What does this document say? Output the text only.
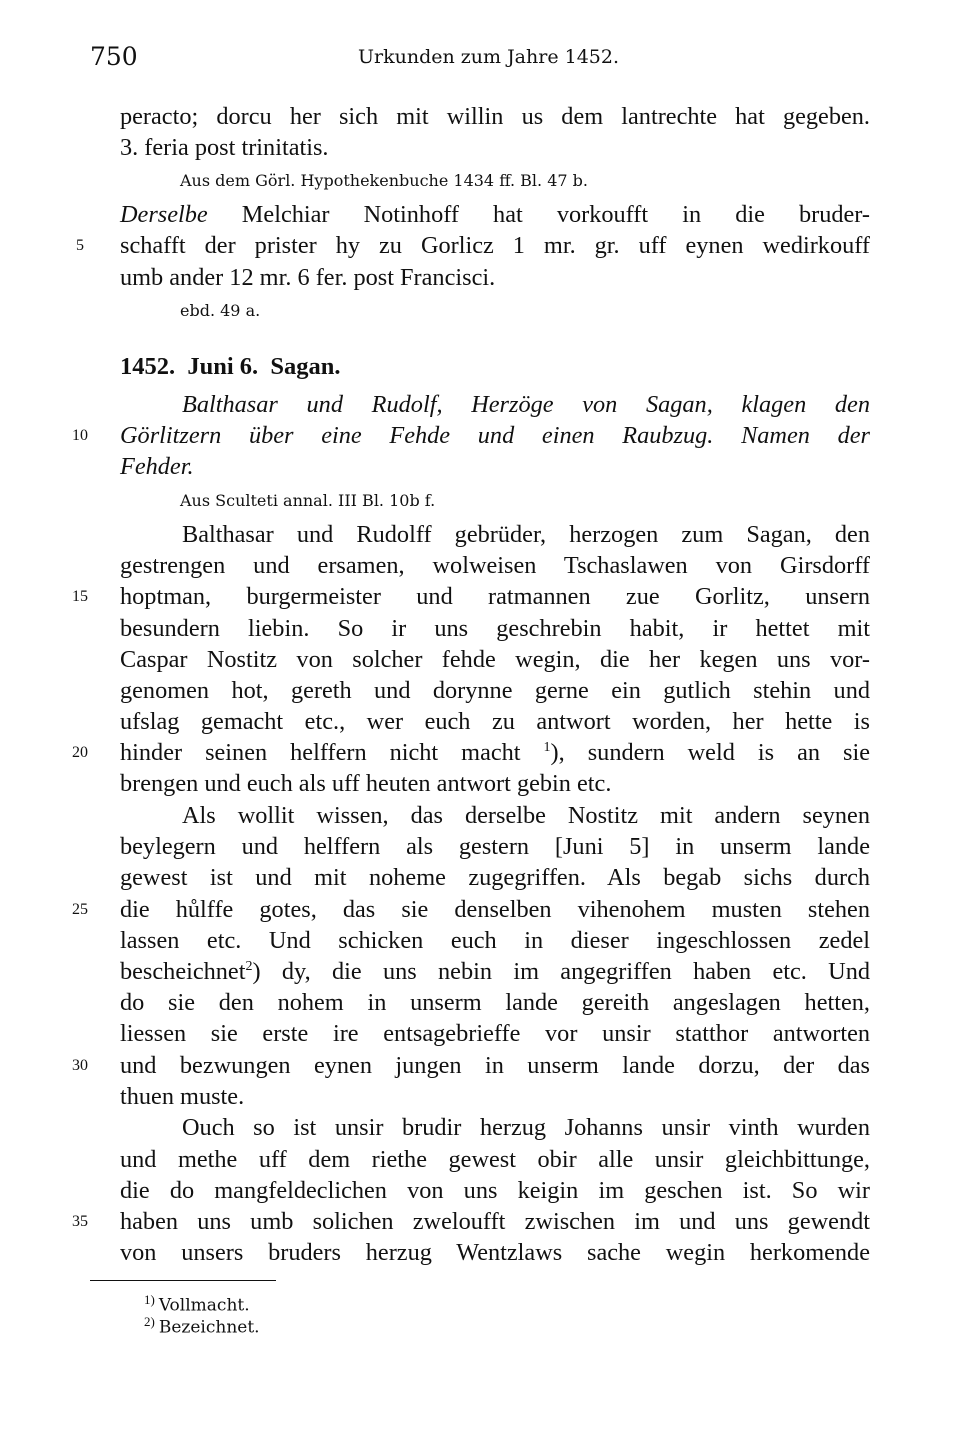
750	Urkunden zum Jahre 1452.
peracto; dorcu her sich mit willin us dem lantrechte hat gegeben.
3. feria post trinitatis.
Aus dem Görl. Hypothekenbuche 1434 ff. Bl. 47 b.
Derselbe Melchiar Notinhoff hat vorkoufft in die bruder-
schafft der prister hy zu Gorlicz 1 mr. gr. uff eynen wedirkouff
umb ander 12 mr. 6 fer. post Francisci.
ebd. 49 a.
1452.  Juni 6.  Sagan.
Balthasar und Rudolf, Herzöge von Sagan, klagen den
Görlitzern über eine Fehde und einen Raubzug. Namen der
Fehder.
Aus Sculteti annal. III Bl. 10b f.
Balthasar und Rudolff gebrüder, herzogen zum Sagan, den
gestrengen und ersamen, wolweisen Tschaslawen von Girsdorff
hoptman, burgermeister und ratmannen zue Gorlitz, unsern
besundern liebin. So ir uns geschrebin habit, ir hettet mit
Caspar Nostitz von solcher fehde wegin, die her kegen uns vor-
genomen hot, gereth und dorynne gerne ein gutlich stehin und
ufslag gemacht etc., wer euch zu antwort worden, her hette is
hinder seinen helffern nicht macht $^1$), sundern weld is an sie
brengen und euch als uff heuten antwort gebin etc.
Als wollit wissen, das derselbe Nostitz mit andern seynen
beylegern und helffern als gestern [Juni 5] in unserm lande
gewest ist und mit noheme zugegriffen. Als begab sichs durch
die hůlffe gotes, das sie denselben vihenohem musten stehen
lassen etc. Und schicken euch in dieser ingeschlossen zedel
bescheichnet$^2$) dy, die uns nebin im angegriffen haben etc. Und
do sie den nohem in unserm lande gereith angeslagen hetten,
liessen sie erste ire entsagebrieffe vor unsir statthor antworten
und bezwungen eynen jungen in unserm lande dorzu, der das
thuen muste.
Ouch so ist unsir brudir herzug Johanns unsir vinth wurden
und methe uff dem riethe gewest obir alle unsir gleichbittunge,
die do mangfeldeclichen von uns keigin im geschen ist. So wir
haben uns umb solichen zweloufft zwischen im und uns gewendt
von unsers bruders herzug Wentzlaws sache wegin herkomende
5
10
15
20
25
30
35
$^{1)}$ Vollmacht.
$^{2)}$ Bezeichnet.
